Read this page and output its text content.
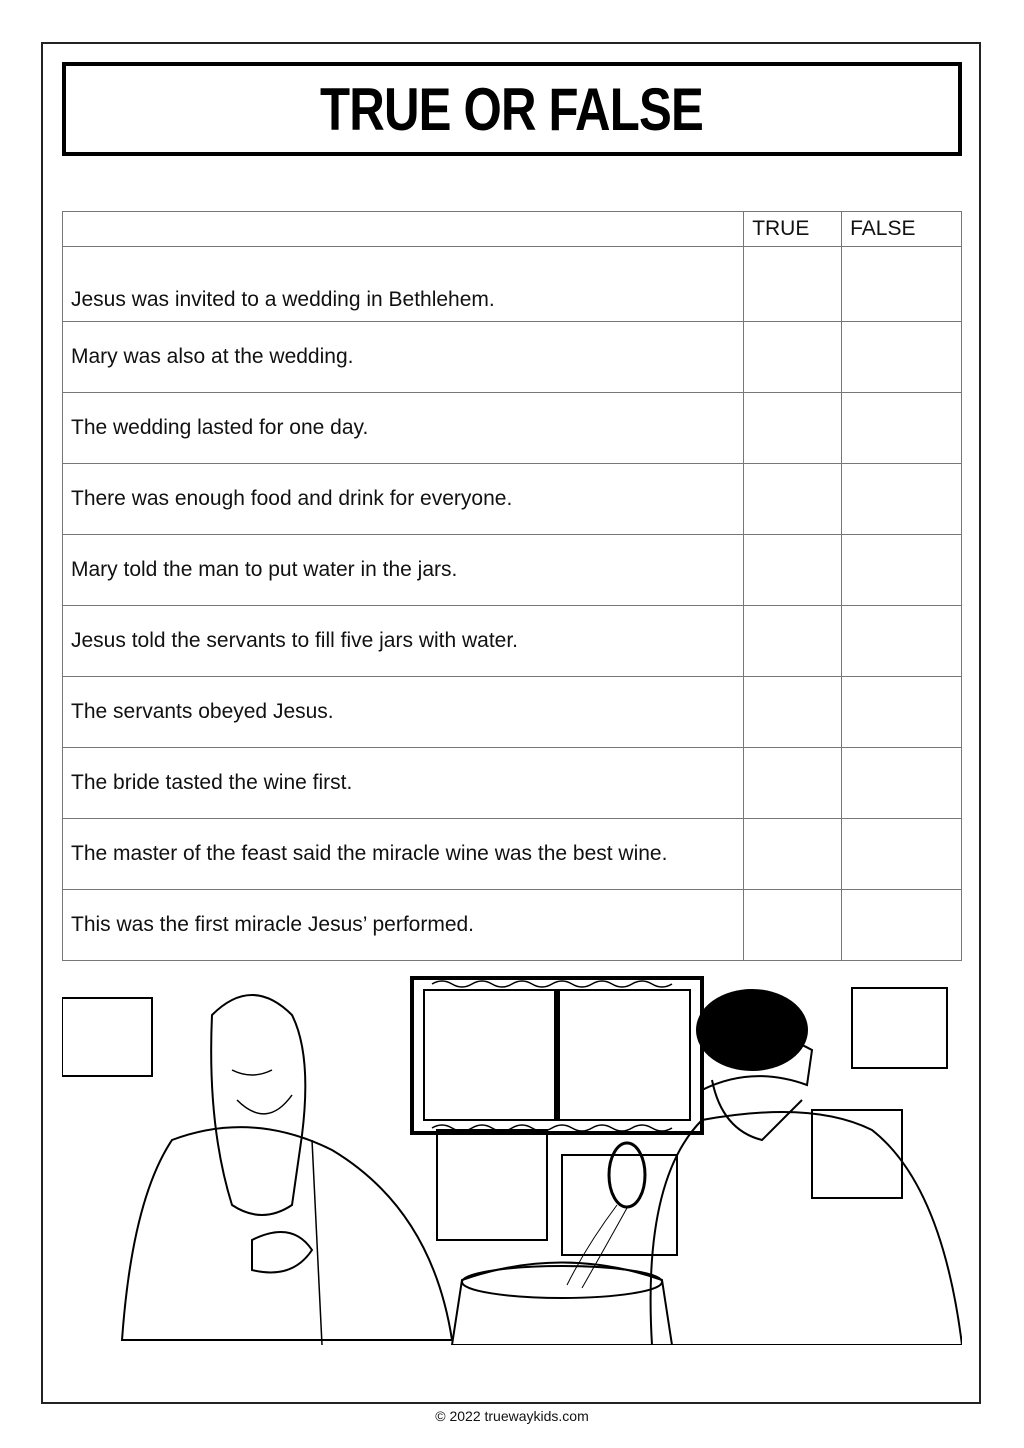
TRUE OR FALSE
	TRUE	FALSE
Jesus was invited to a wedding in Bethlehem.		
Mary was also at the wedding.		
The wedding lasted for one day.		
There was enough food and drink for everyone.		
Mary told the man to put water in the jars.		
Jesus told the servants to fill five jars with water.		
The servants obeyed Jesus.		
The bride tasted the wine first.		
The master of the feast said the miracle wine was the best wine.		
This was the first miracle Jesus’ performed.		
© 2022 truewaykids.com
